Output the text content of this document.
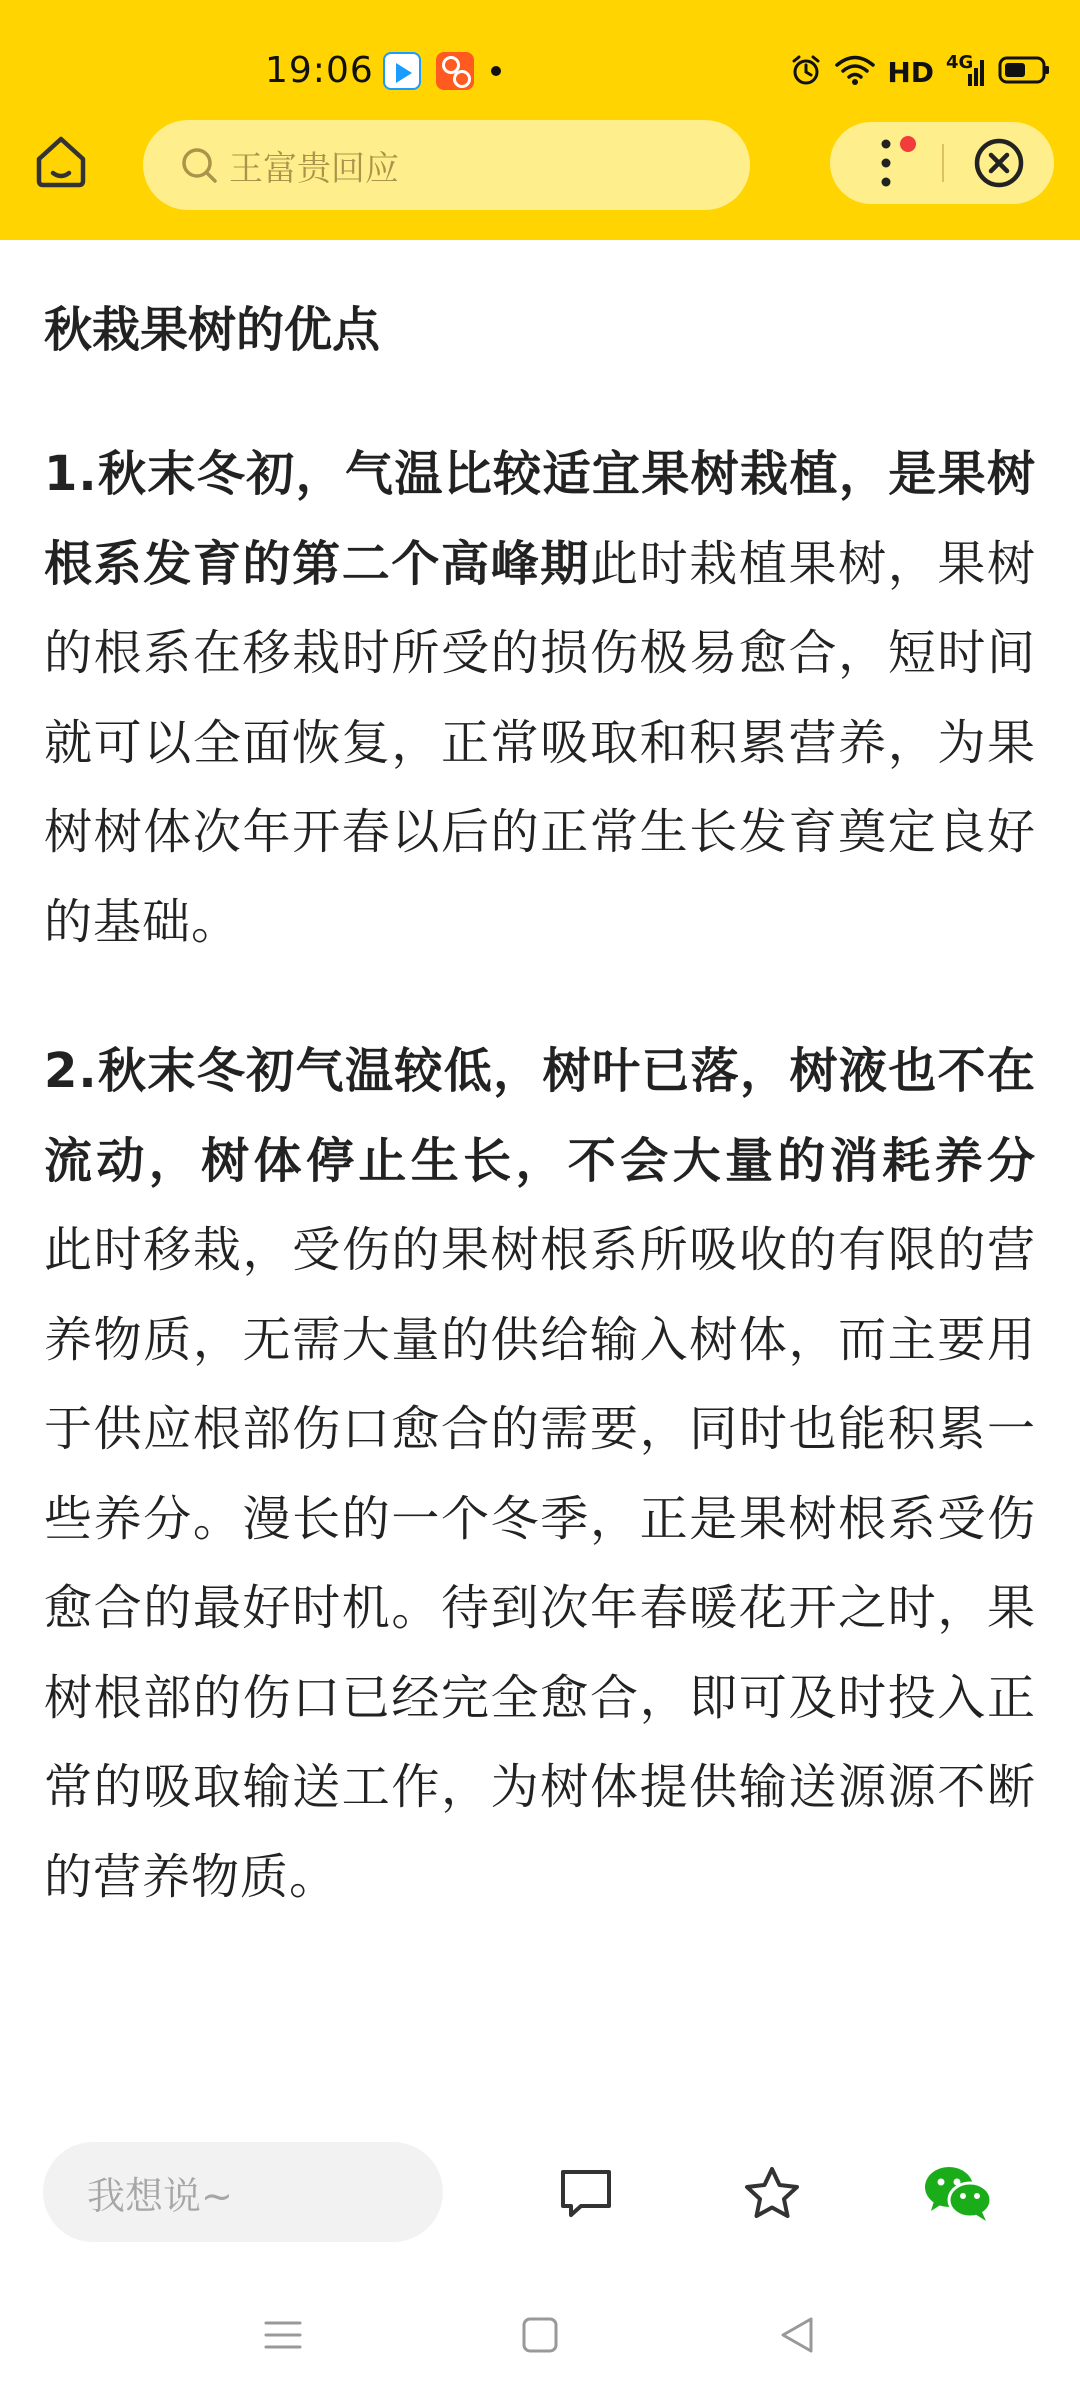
19:06	HD 4G
王富贵回应
秋栽果树的优点

1.秋末冬初，气温比较适宜果树栽植，是果树根系发育的第二个高峰期此时栽植果树，果树的根系在移栽时所受的损伤极易愈合，短时间就可以全面恢复，正常吸取和积累营养，为果树树体次年开春以后的正常生长发育奠定良好的基础。

2.秋末冬初气温较低，树叶已落，树液也不在流动，树体停止生长，不会大量的消耗养分 此时移栽，受伤的果树根系所吸收的有限的营养物质，无需大量的供给输入树体，而主要用于供应根部伤口愈合的需要，同时也能积累一些养分。漫长的一个冬季，正是果树根系受伤愈合的最好时机。待到次年春暖花开之时，果树根部的伤口已经完全愈合，即可及时投入正常的吸取输送工作，为树体提供输送源源不断的营养物质。

我想说~
